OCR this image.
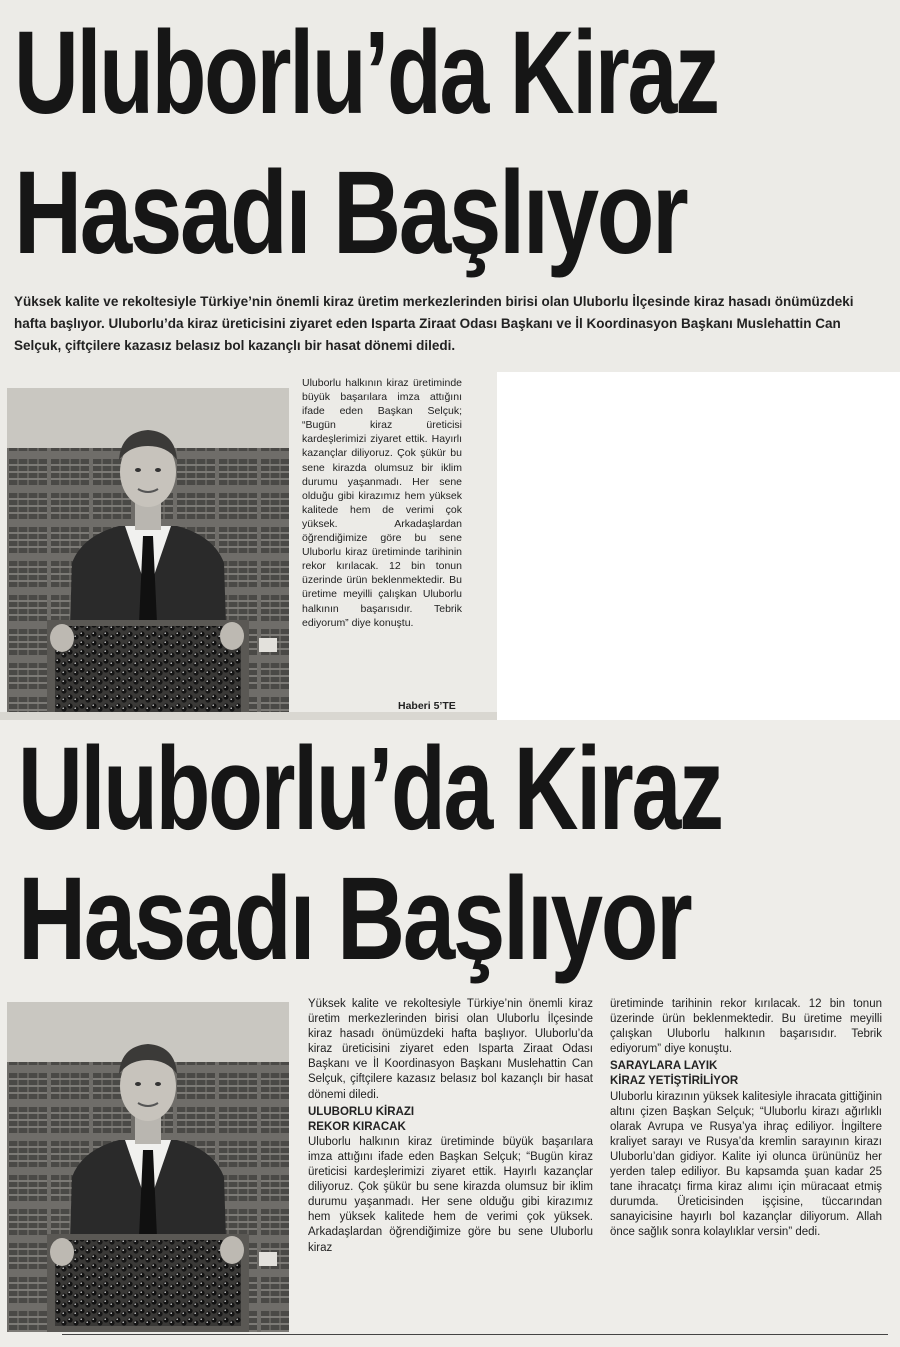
Uluborlu’da Kiraz
Hasadı Başlıyor
Yüksek kalite ve rekoltesiyle Türkiye’nin önemli kiraz üretim merkezlerinden birisi olan Uluborlu İlçesinde kiraz hasadı önümüzdeki hafta başlıyor. Uluborlu’da kiraz üreticisini ziyaret eden Isparta Ziraat Odası Başkanı ve İl Koordinasyon Başkanı Muslehattin Can Selçuk, çiftçilere kazasız belasız bol kazançlı bir hasat dönemi diledi.

Uluborlu halkının kiraz üretiminde büyük başarılara imza attığını ifade eden Başkan Selçuk; “Bugün kiraz üreticisi kardeşlerimizi ziyaret ettik. Hayırlı kazançlar diliyoruz. Çok şükür bu sene kirazda olumsuz bir iklim durumu yaşanmadı. Her sene olduğu gibi kirazımız hem yüksek kalitede hem de verimi çok yüksek. Arkadaşlardan öğrendiğimize göre bu sene Uluborlu kiraz üretiminde tarihinin rekor kırılacak. 12 bin tonun üzerinde ürün beklenmektedir. Bu üretime meyilli çalışkan Uluborlu halkının başarısıdır. Tebrik ediyorum” diye konuştu.

Haberi 5’TE
Uluborlu’da Kiraz
Hasadı Başlıyor

Yüksek kalite ve rekoltesiyle Türkiye’nin önemli kiraz üretim merkezlerinden birisi olan Uluborlu İlçesinde kiraz hasadı önümüzdeki hafta başlıyor. Uluborlu’da kiraz üreticisini ziyaret eden Isparta Ziraat Odası Başkanı ve İl Koordinasyon Başkanı Muslehattin Can Selçuk, çiftçilere kazasız belasız bol kazançlı bir hasat dönemi diledi.

ULUBORLU KİRAZI
REKOR KIRACAK

Uluborlu halkının kiraz üretiminde büyük başarılara imza attığını ifade eden Başkan Selçuk; “Bugün kiraz üreticisi kardeşlerimizi ziyaret ettik. Hayırlı kazançlar diliyoruz. Çok şükür bu sene kirazda olumsuz bir iklim durumu yaşanmadı. Her sene olduğu gibi kirazımız hem yüksek kalitede hem de verimi çok yüksek. Arkadaşlardan öğrendiğimize göre bu sene Uluborlu kiraz

üretiminde tarihinin rekor kırılacak. 12 bin tonun üzerinde ürün beklenmektedir. Bu üretime meyilli çalışkan Uluborlu halkının başarısıdır. Tebrik ediyorum” diye konuştu.

SARAYLARA LAYIK
KİRAZ YETİŞTİRİLİYOR

Uluborlu kirazının yüksek kalitesiyle ihracata gittiğinin altını çizen Başkan Selçuk; “Uluborlu kirazı ağırlıklı olarak Avrupa ve Rusya’ya ihraç ediliyor. İngiltere kraliyet sarayı ve Rusya’da kremlin sarayının kirazı Uluborlu’dan gidiyor. Kalite iyi olunca ürününüz her yerden talep ediliyor. Bu kapsamda şuan kadar 25 tane ihracatçı firma kiraz alımı için müracaat etmiş durumda. Üreticisinden işçisine, tüccarından sanayicisine hayırlı bol kazançlar diliyorum. Allah önce sağlık sonra kolaylıklar versin” dedi.
